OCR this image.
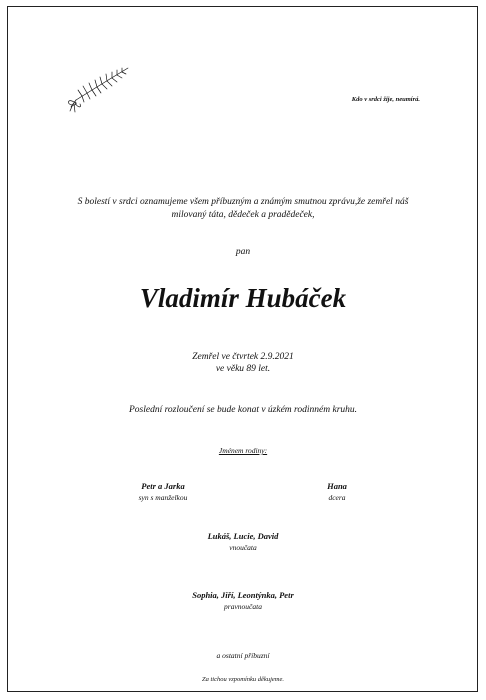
Kdo v srdci žije, neumírá.
S bolestí v srdci oznamujeme všem příbuzným a známým smutnou zprávu,že zemřel náš
milovaný táta, dědeček a pradědeček,
pan
Vladimír Hubáček
Zemřel ve čtvrtek 2.9.2021
ve věku 89 let.
Poslední rozloučení se bude konat v úzkém rodinném kruhu.
Jménem rodiny:
Petr a Jarka
syn s manželkou
Hana
dcera
Lukáš, Lucie, David
vnoučata
Sophia, Jiří, Leontýnka, Petr
pravnoučata
a ostatní příbuzní
Za tichou vzpomínku děkujeme.
